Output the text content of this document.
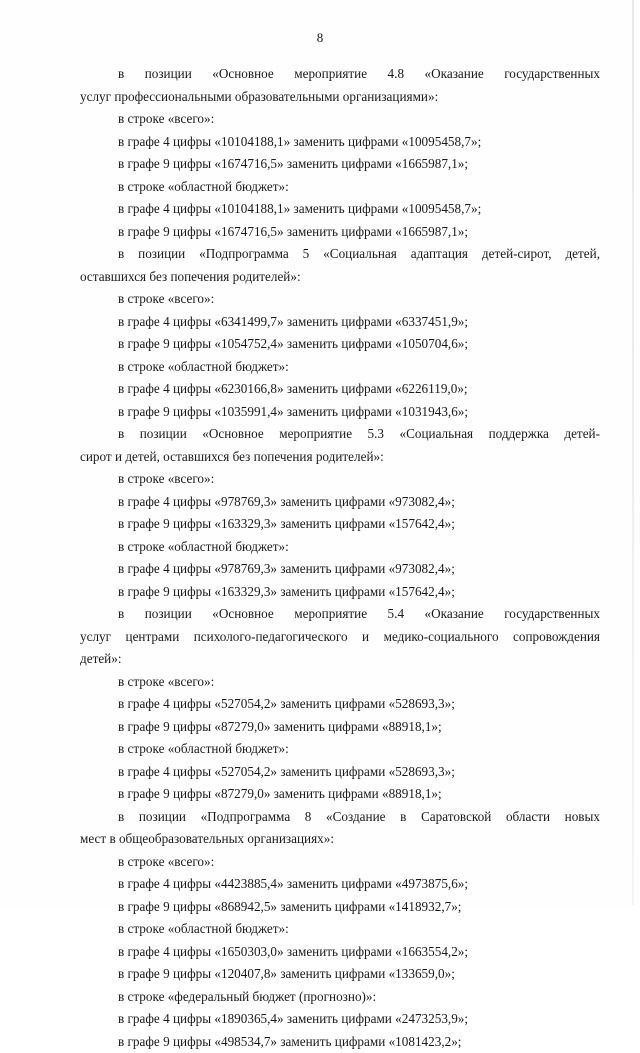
8
в позиции «Основное мероприятие 4.8 «Оказание государственных
услуг профессиональными образовательными организациями»:
в строке «всего»:
в графе 4 цифры «10104188,1» заменить цифрами «10095458,7»;
в графе 9 цифры «1674716,5» заменить цифрами «1665987,1»;
в строке «областной бюджет»:
в графе 4 цифры «10104188,1» заменить цифрами «10095458,7»;
в графе 9 цифры «1674716,5» заменить цифрами «1665987,1»;
в позиции «Подпрограмма 5 «Социальная адаптация детей-сирот, детей,
оставшихся без попечения родителей»:
в строке «всего»:
в графе 4 цифры «6341499,7» заменить цифрами «6337451,9»;
в графе 9 цифры «1054752,4» заменить цифрами «1050704,6»;
в строке «областной бюджет»:
в графе 4 цифры «6230166,8» заменить цифрами «6226119,0»;
в графе 9 цифры «1035991,4» заменить цифрами «1031943,6»;
в позиции «Основное мероприятие 5.3 «Социальная поддержка детей-
сирот и детей, оставшихся без попечения родителей»:
в строке «всего»:
в графе 4 цифры «978769,3» заменить цифрами «973082,4»;
в графе 9 цифры «163329,3» заменить цифрами «157642,4»;
в строке «областной бюджет»:
в графе 4 цифры «978769,3» заменить цифрами «973082,4»;
в графе 9 цифры «163329,3» заменить цифрами «157642,4»;
в позиции «Основное мероприятие 5.4 «Оказание государственных
услуг центрами психолого-педагогического и медико-социального сопровождения
детей»:
в строке «всего»:
в графе 4 цифры «527054,2» заменить цифрами «528693,3»;
в графе 9 цифры «87279,0» заменить цифрами «88918,1»;
в строке «областной бюджет»:
в графе 4 цифры «527054,2» заменить цифрами «528693,3»;
в графе 9 цифры «87279,0» заменить цифрами «88918,1»;
в позиции «Подпрограмма 8 «Создание в Саратовской области новых
мест в общеобразовательных организациях»:
в строке «всего»:
в графе 4 цифры «4423885,4» заменить цифрами «4973875,6»;
в графе 9 цифры «868942,5» заменить цифрами «1418932,7»;
в строке «областной бюджет»:
в графе 4 цифры «1650303,0» заменить цифрами «1663554,2»;
в графе 9 цифры «120407,8» заменить цифрами «133659,0»;
в строке «федеральный бюджет (прогнозно)»:
в графе 4 цифры «1890365,4» заменить цифрами «2473253,9»;
в графе 9 цифры «498534,7» заменить цифрами «1081423,2»;
